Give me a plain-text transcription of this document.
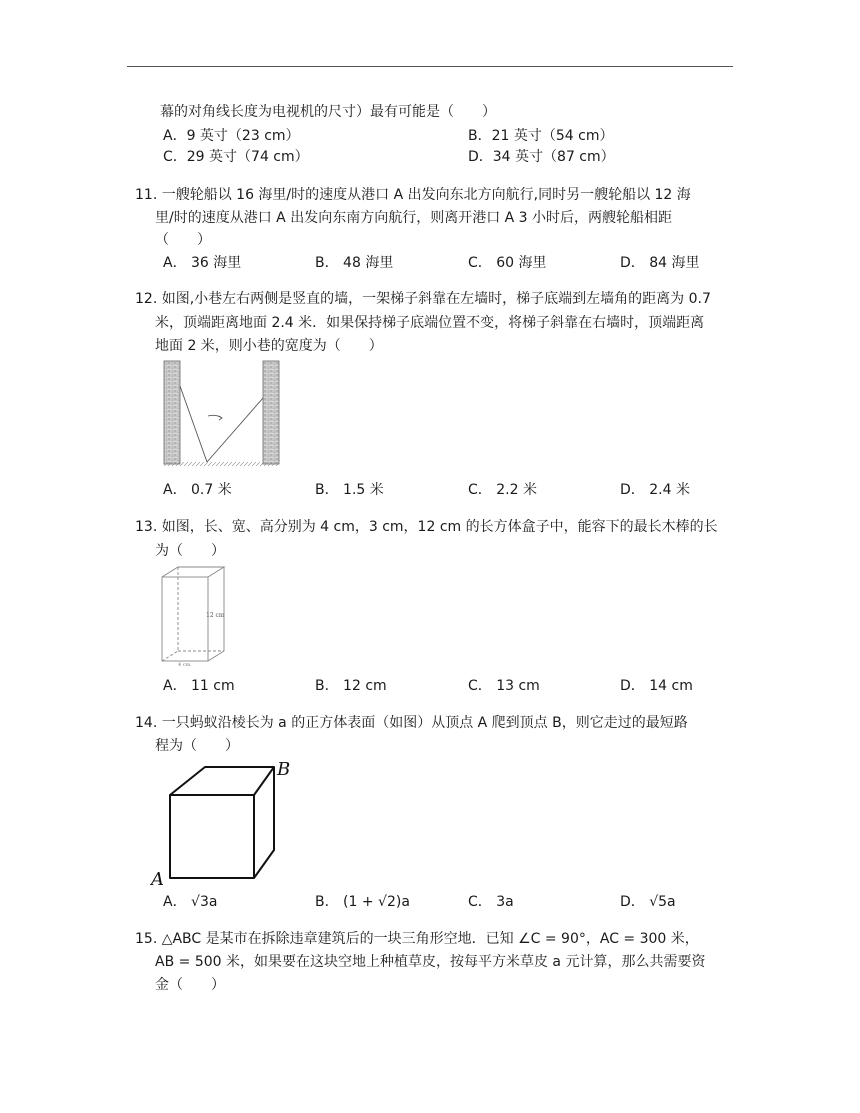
幕的对角线长度为电视机的尺寸）最有可能是（　　）
A．9 英寸（23 cm）	B．21 英寸（54 cm）
C．29 英寸（74 cm）	D．34 英寸（87 cm）
11. 一艘轮船以 16 海里/时的速度从港口 A 出发向东北方向航行,同时另一艘轮船以 12 海
里/时的速度从港口 A 出发向东南方向航行，则离开港口 A 3 小时后，两艘轮船相距
（　　）
A． 36 海里	B． 48 海里	C． 60 海里	D． 84 海里
12. 如图,小巷左右两侧是竖直的墙，一架梯子斜靠在左墙时，梯子底端到左墙角的距离为 0.7
米，顶端距离地面 2.4 米．如果保持梯子底端位置不变，将梯子斜靠在右墙时，顶端距离
地面 2 米，则小巷的宽度为（　　）
A． 0.7 米	B． 1.5 米	C． 2.2 米	D． 2.4 米
13. 如图，长、宽、高分别为 4 cm，3 cm，12 cm 的长方体盒子中，能容下的最长木棒的长
为（　　）
12 cm
4 cm
A． 11 cm	B． 12 cm	C． 13 cm	D． 14 cm
14. 一只蚂蚁沿棱长为 a 的正方体表面（如图）从顶点 A 爬到顶点 B，则它走过的最短路
程为（　　）
B
A
A． √3a	B． (1 + √2)a	C． 3a	D． √5a
15. △ABC 是某市在拆除违章建筑后的一块三角形空地．已知 ∠C = 90°，AC = 300 米，
AB = 500 米，如果要在这块空地上种植草皮，按每平方米草皮 a 元计算，那么共需要资
金（　　）
